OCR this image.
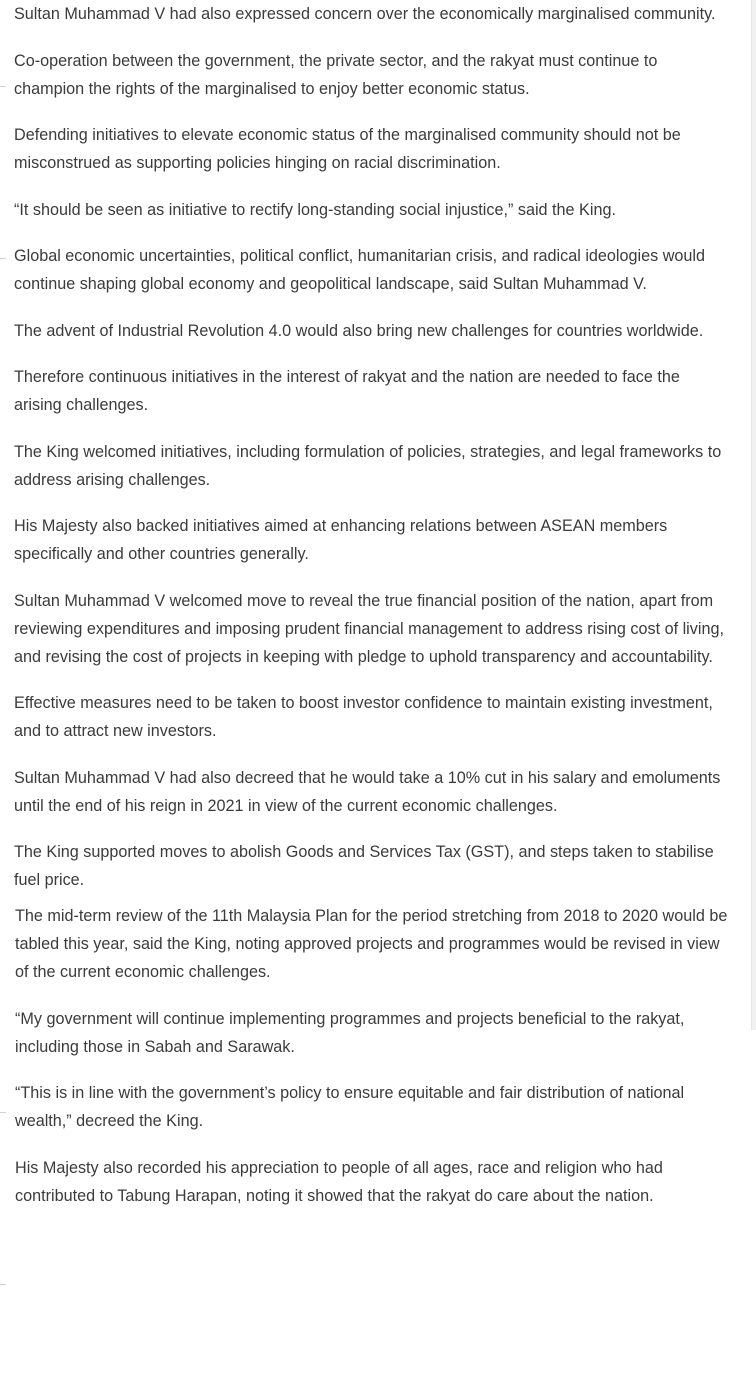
Sultan Muhammad V had also expressed concern over the economically marginalised community.

Co-operation between the government, the private sector, and the rakyat must continue to champion the rights of the marginalised to enjoy better economic status.

Defending initiatives to elevate economic status of the marginalised community should not be misconstrued as supporting policies hinging on racial discrimination.

“It should be seen as initiative to rectify long-standing social injustice,” said the King.

Global economic uncertainties, political conflict, humanitarian crisis, and radical ideologies would continue shaping global economy and geopolitical landscape, said Sultan Muhammad V.

The advent of Industrial Revolution 4.0 would also bring new challenges for countries worldwide.

Therefore continuous initiatives in the interest of rakyat and the nation are needed to face the arising challenges.

The King welcomed initiatives, including formulation of policies, strategies, and legal frameworks to address arising challenges.

His Majesty also backed initiatives aimed at enhancing relations between ASEAN members specifically and other countries generally.

Sultan Muhammad V welcomed move to reveal the true financial position of the nation, apart from reviewing expenditures and imposing prudent financial management to address rising cost of living, and revising the cost of projects in keeping with pledge to uphold transparency and accountability.

Effective measures need to be taken to boost investor confidence to maintain existing investment, and to attract new investors.

Sultan Muhammad V had also decreed that he would take a 10% cut in his salary and emoluments until the end of his reign in 2021 in view of the current economic challenges.

The King supported moves to abolish Goods and Services Tax (GST), and steps taken to stabilise fuel price.

The mid-term review of the 11th Malaysia Plan for the period stretching from 2018 to 2020 would be tabled this year, said the King, noting approved projects and programmes would be revised in view of the current economic challenges.

“My government will continue implementing programmes and projects beneficial to the rakyat, including those in Sabah and Sarawak.

“This is in line with the government’s policy to ensure equitable and fair distribution of national wealth,” decreed the King.

His Majesty also recorded his appreciation to people of all ages, race and religion who had contributed to Tabung Harapan, noting it showed that the rakyat do care about the nation.
